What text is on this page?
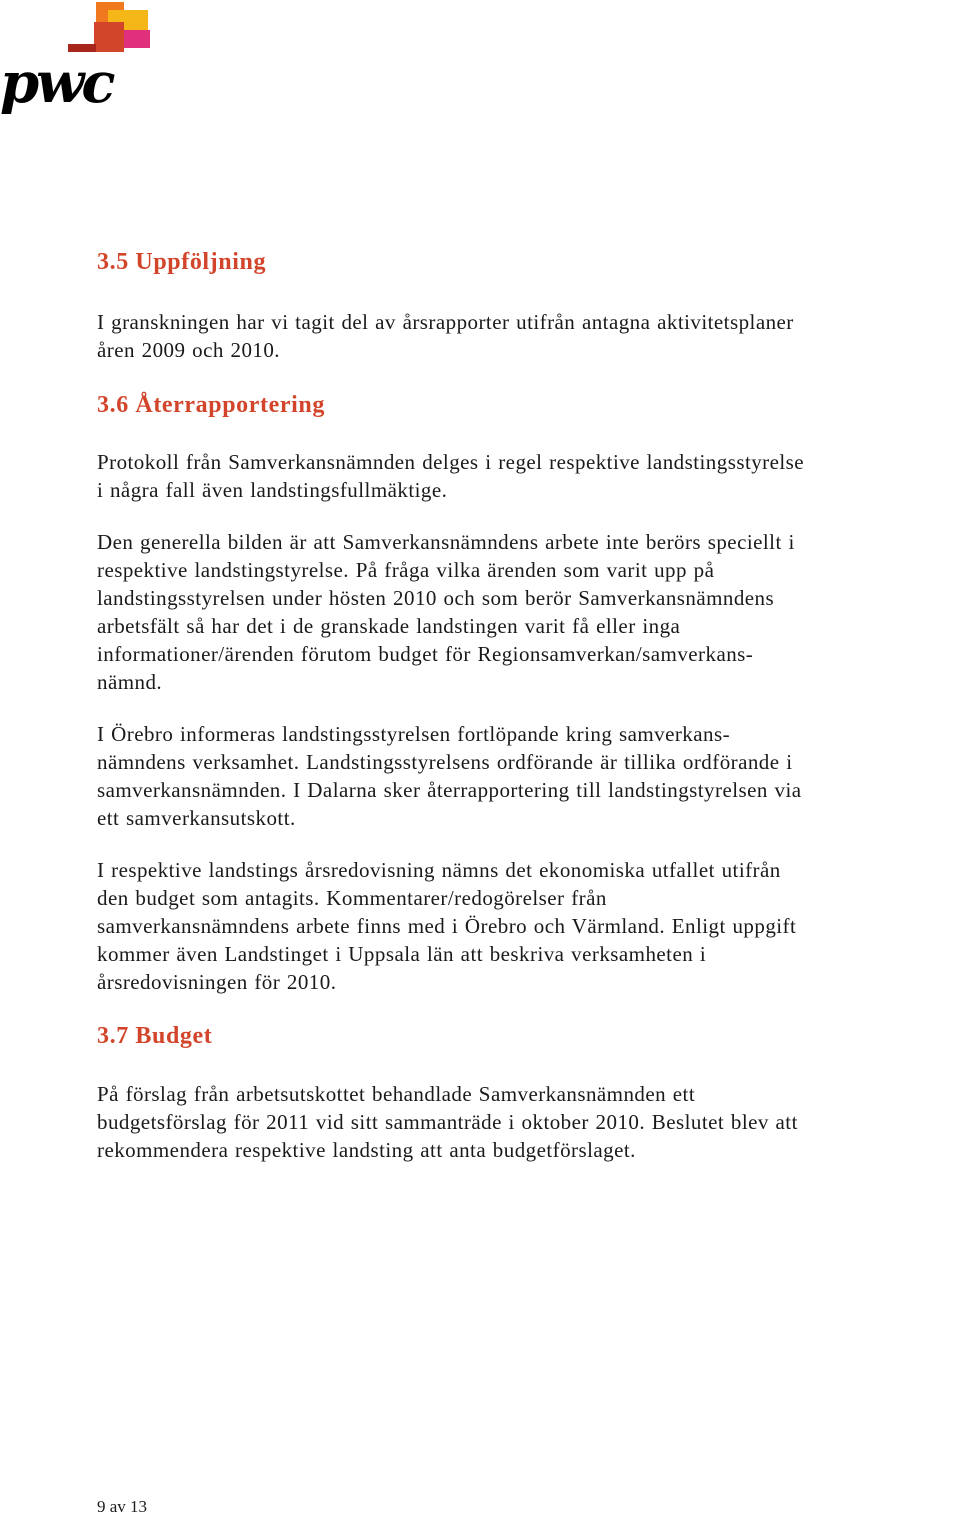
pwc
3.5 Uppföljning

I granskningen har vi tagit del av årsrapporter utifrån antagna aktivitetsplaner
åren 2009 och 2010.

3.6 Återrapportering

Protokoll från Samverkansnämnden delges i regel respektive landstingsstyrelse
i några fall även landstingsfullmäktige.

Den generella bilden är att Samverkansnämndens arbete inte berörs speciellt i
respektive landstingstyrelse. På fråga vilka ärenden som varit upp på
landstingsstyrelsen under hösten 2010 och som berör Samverkansnämndens
arbetsfält så har det i de granskade landstingen varit få eller inga
informationer/ärenden förutom budget för Regionsamverkan/samverkans-
nämnd.

I Örebro informeras landstingsstyrelsen fortlöpande kring samverkans-
nämndens verksamhet. Landstingsstyrelsens ordförande är tillika ordförande i
samverkansnämnden. I Dalarna sker återrapportering till landstingstyrelsen via
ett samverkansutskott.

I respektive landstings årsredovisning nämns det ekonomiska utfallet utifrån
den budget som antagits. Kommentarer/redogörelser från
samverkansnämndens arbete finns med i Örebro och Värmland. Enligt uppgift
kommer även Landstinget i Uppsala län att beskriva verksamheten i
årsredovisningen för 2010.

3.7 Budget

På förslag från arbetsutskottet behandlade Samverkansnämnden ett
budgetsförslag för 2011 vid sitt sammanträde i oktober 2010. Beslutet blev att
rekommendera respektive landsting att anta budgetförslaget.

9 av 13
